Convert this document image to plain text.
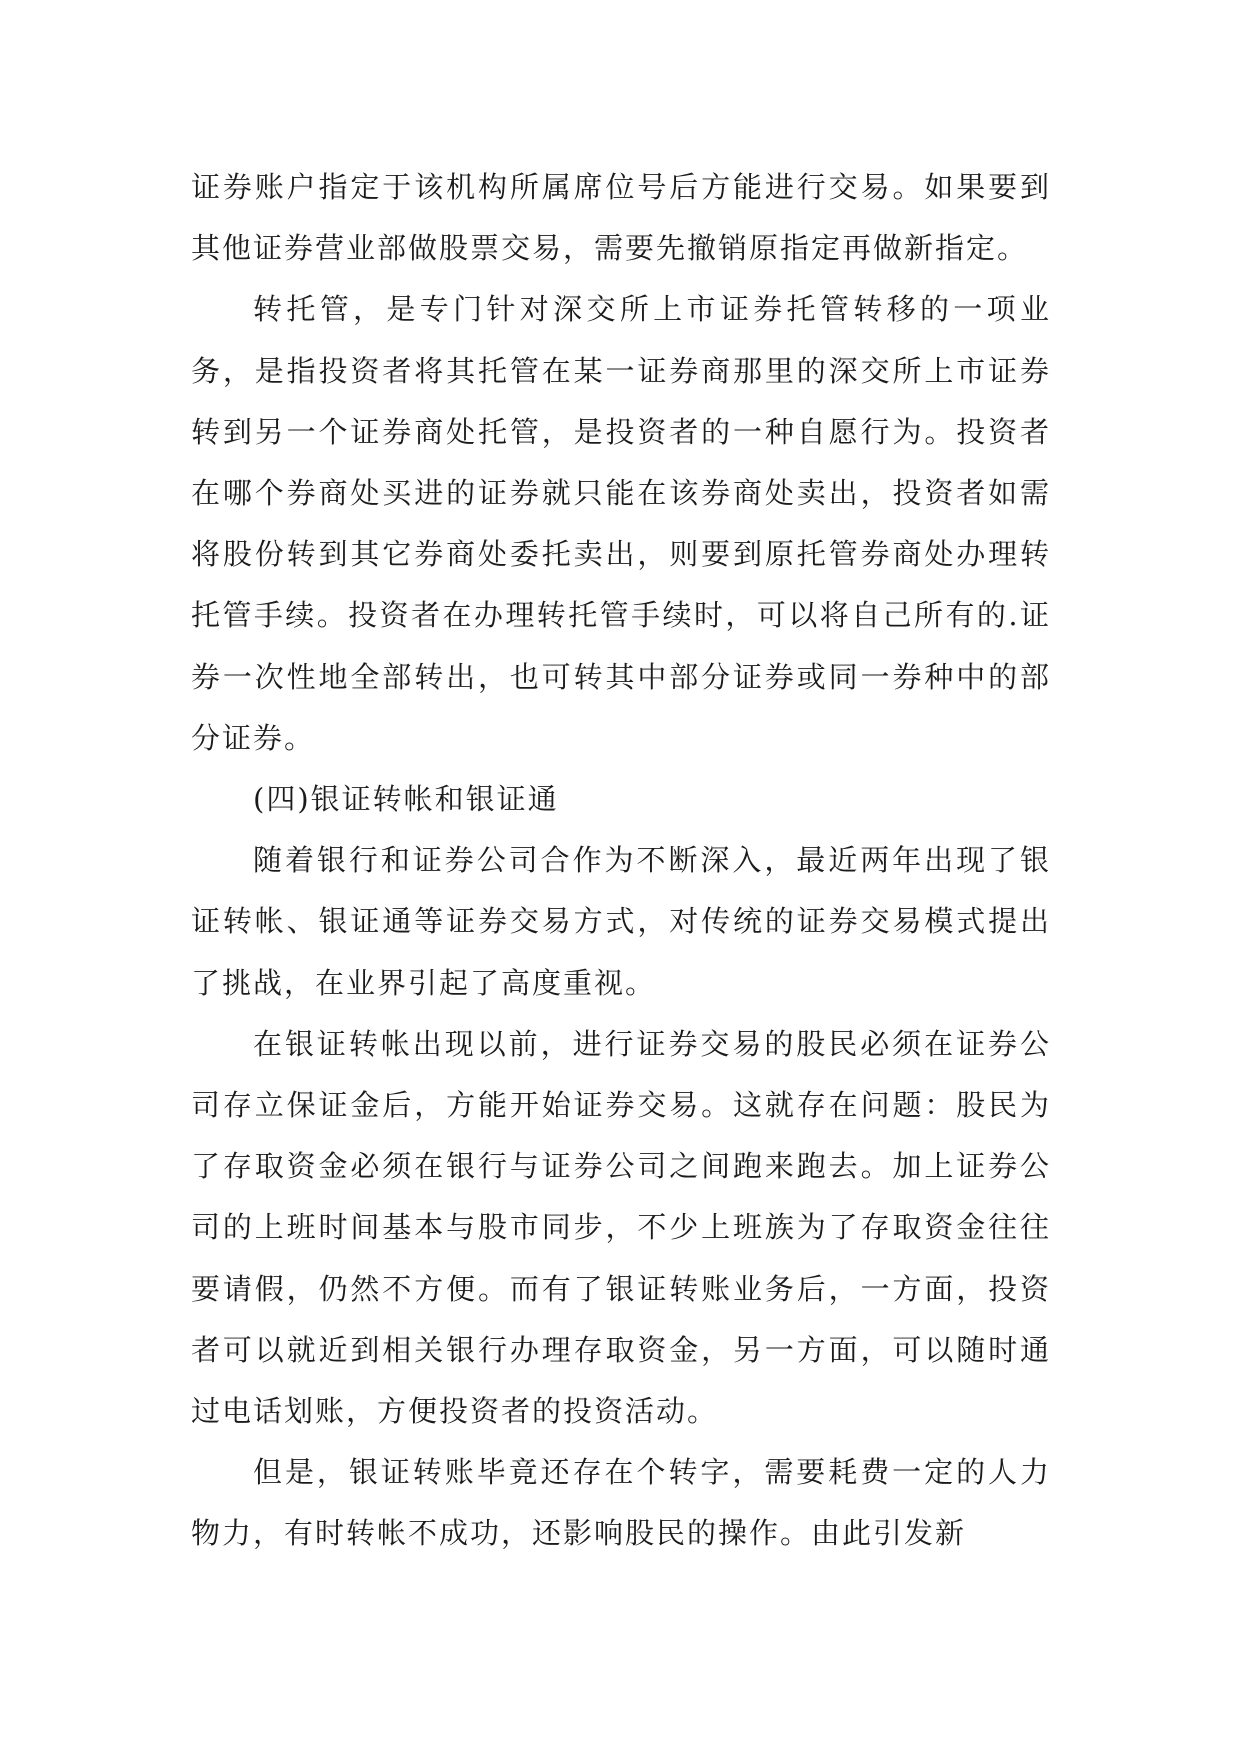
证券账户指定于该机构所属席位号后方能进行交易。如果要到其他证券营业部做股票交易，需要先撤销原指定再做新指定。

转托管，是专门针对深交所上市证券托管转移的一项业务，是指投资者将其托管在某一证券商那里的深交所上市证券转到另一个证券商处托管，是投资者的一种自愿行为。投资者在哪个券商处买进的证券就只能在该券商处卖出，投资者如需将股份转到其它券商处委托卖出，则要到原托管券商处办理转托管手续。投资者在办理转托管手续时，可以将自己所有的.证券一次性地全部转出，也可转其中部分证券或同一券种中的部分证券。

(四)银证转帐和银证通

随着银行和证券公司合作为不断深入，最近两年出现了银证转帐、银证通等证券交易方式，对传统的证券交易模式提出了挑战，在业界引起了高度重视。

在银证转帐出现以前，进行证券交易的股民必须在证券公司存立保证金后，方能开始证券交易。这就存在问题：股民为了存取资金必须在银行与证券公司之间跑来跑去。加上证券公司的上班时间基本与股市同步，不少上班族为了存取资金往往要请假，仍然不方便。而有了银证转账业务后，一方面，投资者可以就近到相关银行办理存取资金，另一方面，可以随时通过电话划账，方便投资者的投资活动。

但是，银证转账毕竟还存在个转字，需要耗费一定的人力物力，有时转帐不成功，还影响股民的操作。由此引发新
